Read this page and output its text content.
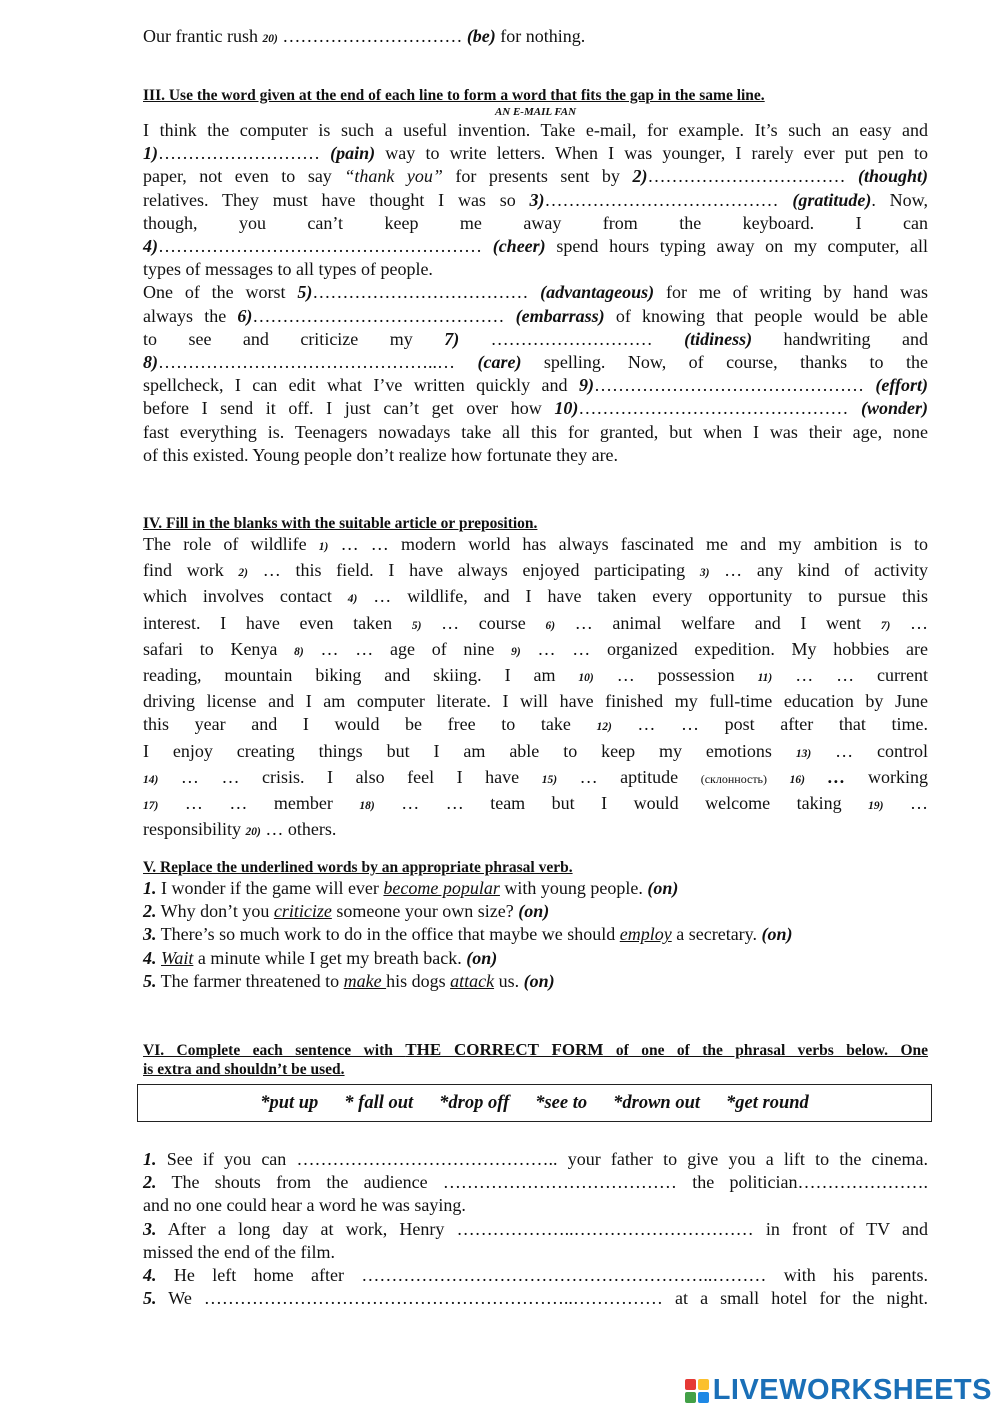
Our frantic rush 20) ………………………… (be) for nothing.
III. Use the word given at the end of each line to form a word that fits the gap in the same line.
AN E-MAIL FAN
I think the computer is such a useful invention. Take e-mail, for example. It’s such an easy and
1)……………………… (pain) way to write letters. When I was younger, I rarely ever put pen to
paper, not even to say “thank you” for presents sent by 2)…………………………… (thought)
relatives. They must have thought I was so 3)………………………………… (gratitude). Now,
though, you can’t keep me away from the keyboard. I can
4)……………………………………………… (cheer) spend hours typing away on my computer, all
types of messages to all types of people.
One of the worst 5)……………………………… (advantageous) for me of writing by hand was
always the 6)…………………………………… (embarrass) of knowing that people would be able
to see and criticize my 7) ……………………… (tidiness) handwriting and
8)………………………………………..… (care) spelling. Now, of course, thanks to the
spellcheck, I can edit what I’ve written quickly and 9)……………………………………… (effort)
before I send it off. I just can’t get over how 10)……………………………………… (wonder)
fast everything is. Teenagers nowadays take all this for granted, but when I was their age, none
of this existed. Young people don’t realize how fortunate they are.
IV. Fill in the blanks with the suitable article or preposition.
The role of wildlife 1) … … modern world has always fascinated me and my ambition is to
find work 2) … this field. I have always enjoyed participating 3) … any kind of activity
which involves contact 4) … wildlife, and I have taken every opportunity to pursue this
interest. I have even taken 5) … course 6) … animal welfare and I went 7) …
safari to Kenya 8) … … age of nine 9) … … organized expedition. My hobbies are
reading, mountain biking and skiing. I am 10) … possession 11) … … current
driving license and I am computer literate. I will have finished my full-time education by June
this year and I would be free to take 12) … … post after that time.
I enjoy creating things but I am able to keep my emotions 13) … control
14) … … crisis. I also feel I have 15) … aptitude (склонность) 16) … working
17) … … member 18) … … team but I would welcome taking 19) …
responsibility 20) … others.
V. Replace the underlined words by an appropriate phrasal verb.
1. I wonder if the game will ever become popular with young people. (on)
2. Why don’t you criticize someone your own size? (on)
3. There’s so much work to do in the office that maybe we should employ a secretary. (on)
4. Wait a minute while I get my breath back. (on)
5. The farmer threatened to make his dogs attack us. (on)
VI. Complete each sentence with THE CORRECT FORM of one of the phrasal verbs below. One
is extra and shouldn’t be used.
1. See if you can …………………………………….. your father to give you a lift to the cinema.
2. The shouts from the audience ………………………………… the politician………………….
and no one could hear a word he was saying.
3. After a long day at work, Henry ………………..………………………… in front of TV and
missed the end of the film.
4. He left home after …………………………………………………..……… with his parents.
5. We ……………………………………………………..…………… at a small hotel for the night.
*put up * fall out *drop off *see to *drown out *get round
LIVEWORKSHEETS
